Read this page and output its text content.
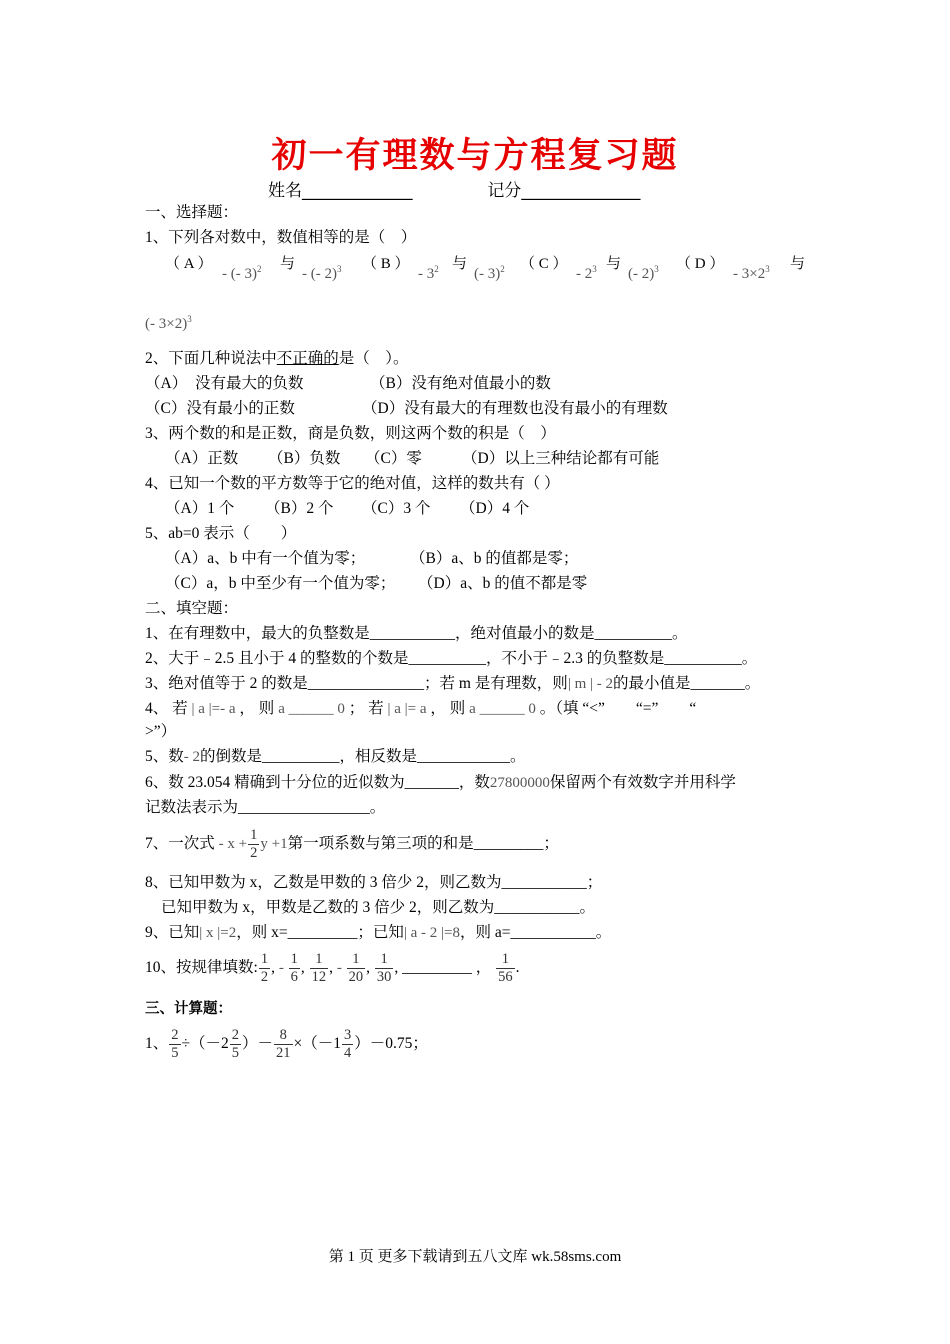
初一有理数与方程复习题
姓名_____________	记分______________
一、选择题：
1、下列各对数中，数值相等的是（　）
（ A ）
- (- 3)$^2$ 与
- (- 2)$^3$ （ B ）
- $3^2$ 与
(- 3)$^2$ （ C ）
- $2^3$ 与
(- 2)$^3$ （ D ）
- $3\times 2^3$ 与
(- 3×2)$^3$
2、下面几种说法中不正确的是（　）。
（A）　没有最大的负数	（B）没有绝对值最小的数
（C）没有最小的正数	（D）没有最大的有理数也没有最小的有理数
3、两个数的和是正数，商是负数，则这两个数的积是（　）
（A）正数 （B）负数 （C）零	（D）以上三种结论都有可能
4、已知一个数的平方数等于它的绝对值，这样的数共有（ ）
（A）1 个 （B）2 个 （C）3 个 （D）4 个
5、ab=0 表示（　　）
（A）a、b 中有一个值为零；	（B）a、b 的值都是零；
（C）a，b 中至少有一个值为零； （D）a、b 的值不都是零
二、填空题：
1、在有理数中，最大的负整数是___________，绝对值最小的数是__________。
2、大于﹣2.5 且小于 4 的整数的个数是__________，不小于﹣2.3 的负整数是__________。
3、绝对值等于 2 的数是_______________；若 m 是有理数，则| m | - 2的最小值是_______。
4、 若 | a |=- a ， 则 a ______ 0 ； 若 | a |= a ， 则 a ______ 0 。（填 “<”　　“=”　　“
>”）
5、数- 2的倒数是__________，相反数是____________。
6、数 23.054 精确到十分位的近似数为_______，数27800000保留两个有效数字并用科学
记数法表示为_________________。
7、一次式 - $x + \frac{1}{2}$ y +1第一项系数与第三项的和是_________；
8、已知甲数为 x，乙数是甲数的 3 倍少 2，则乙数为___________；
已知甲数为 x，甲数是乙数的 3 倍少 2，则乙数为___________。
9、已知| x |=2，则 x=_________；已知| a - 2 |=8，则 a=___________。
10、按规律填数: $\frac{1}{2}$ , - $\frac{1}{6}$ , $\frac{1}{12}$ , - $\frac{1}{20}$ , $\frac{1}{30}$ , _________ ， $\frac{1}{56}$ .
三、计算题：
1、 $\frac{2}{5} \div(-2 \frac{2}{5}$ ）－ $\frac{8}{21} \times(-1 \frac{3}{4} )-0.75$；
第 1 页 更多下载请到五八文库 wk.58sms.com
